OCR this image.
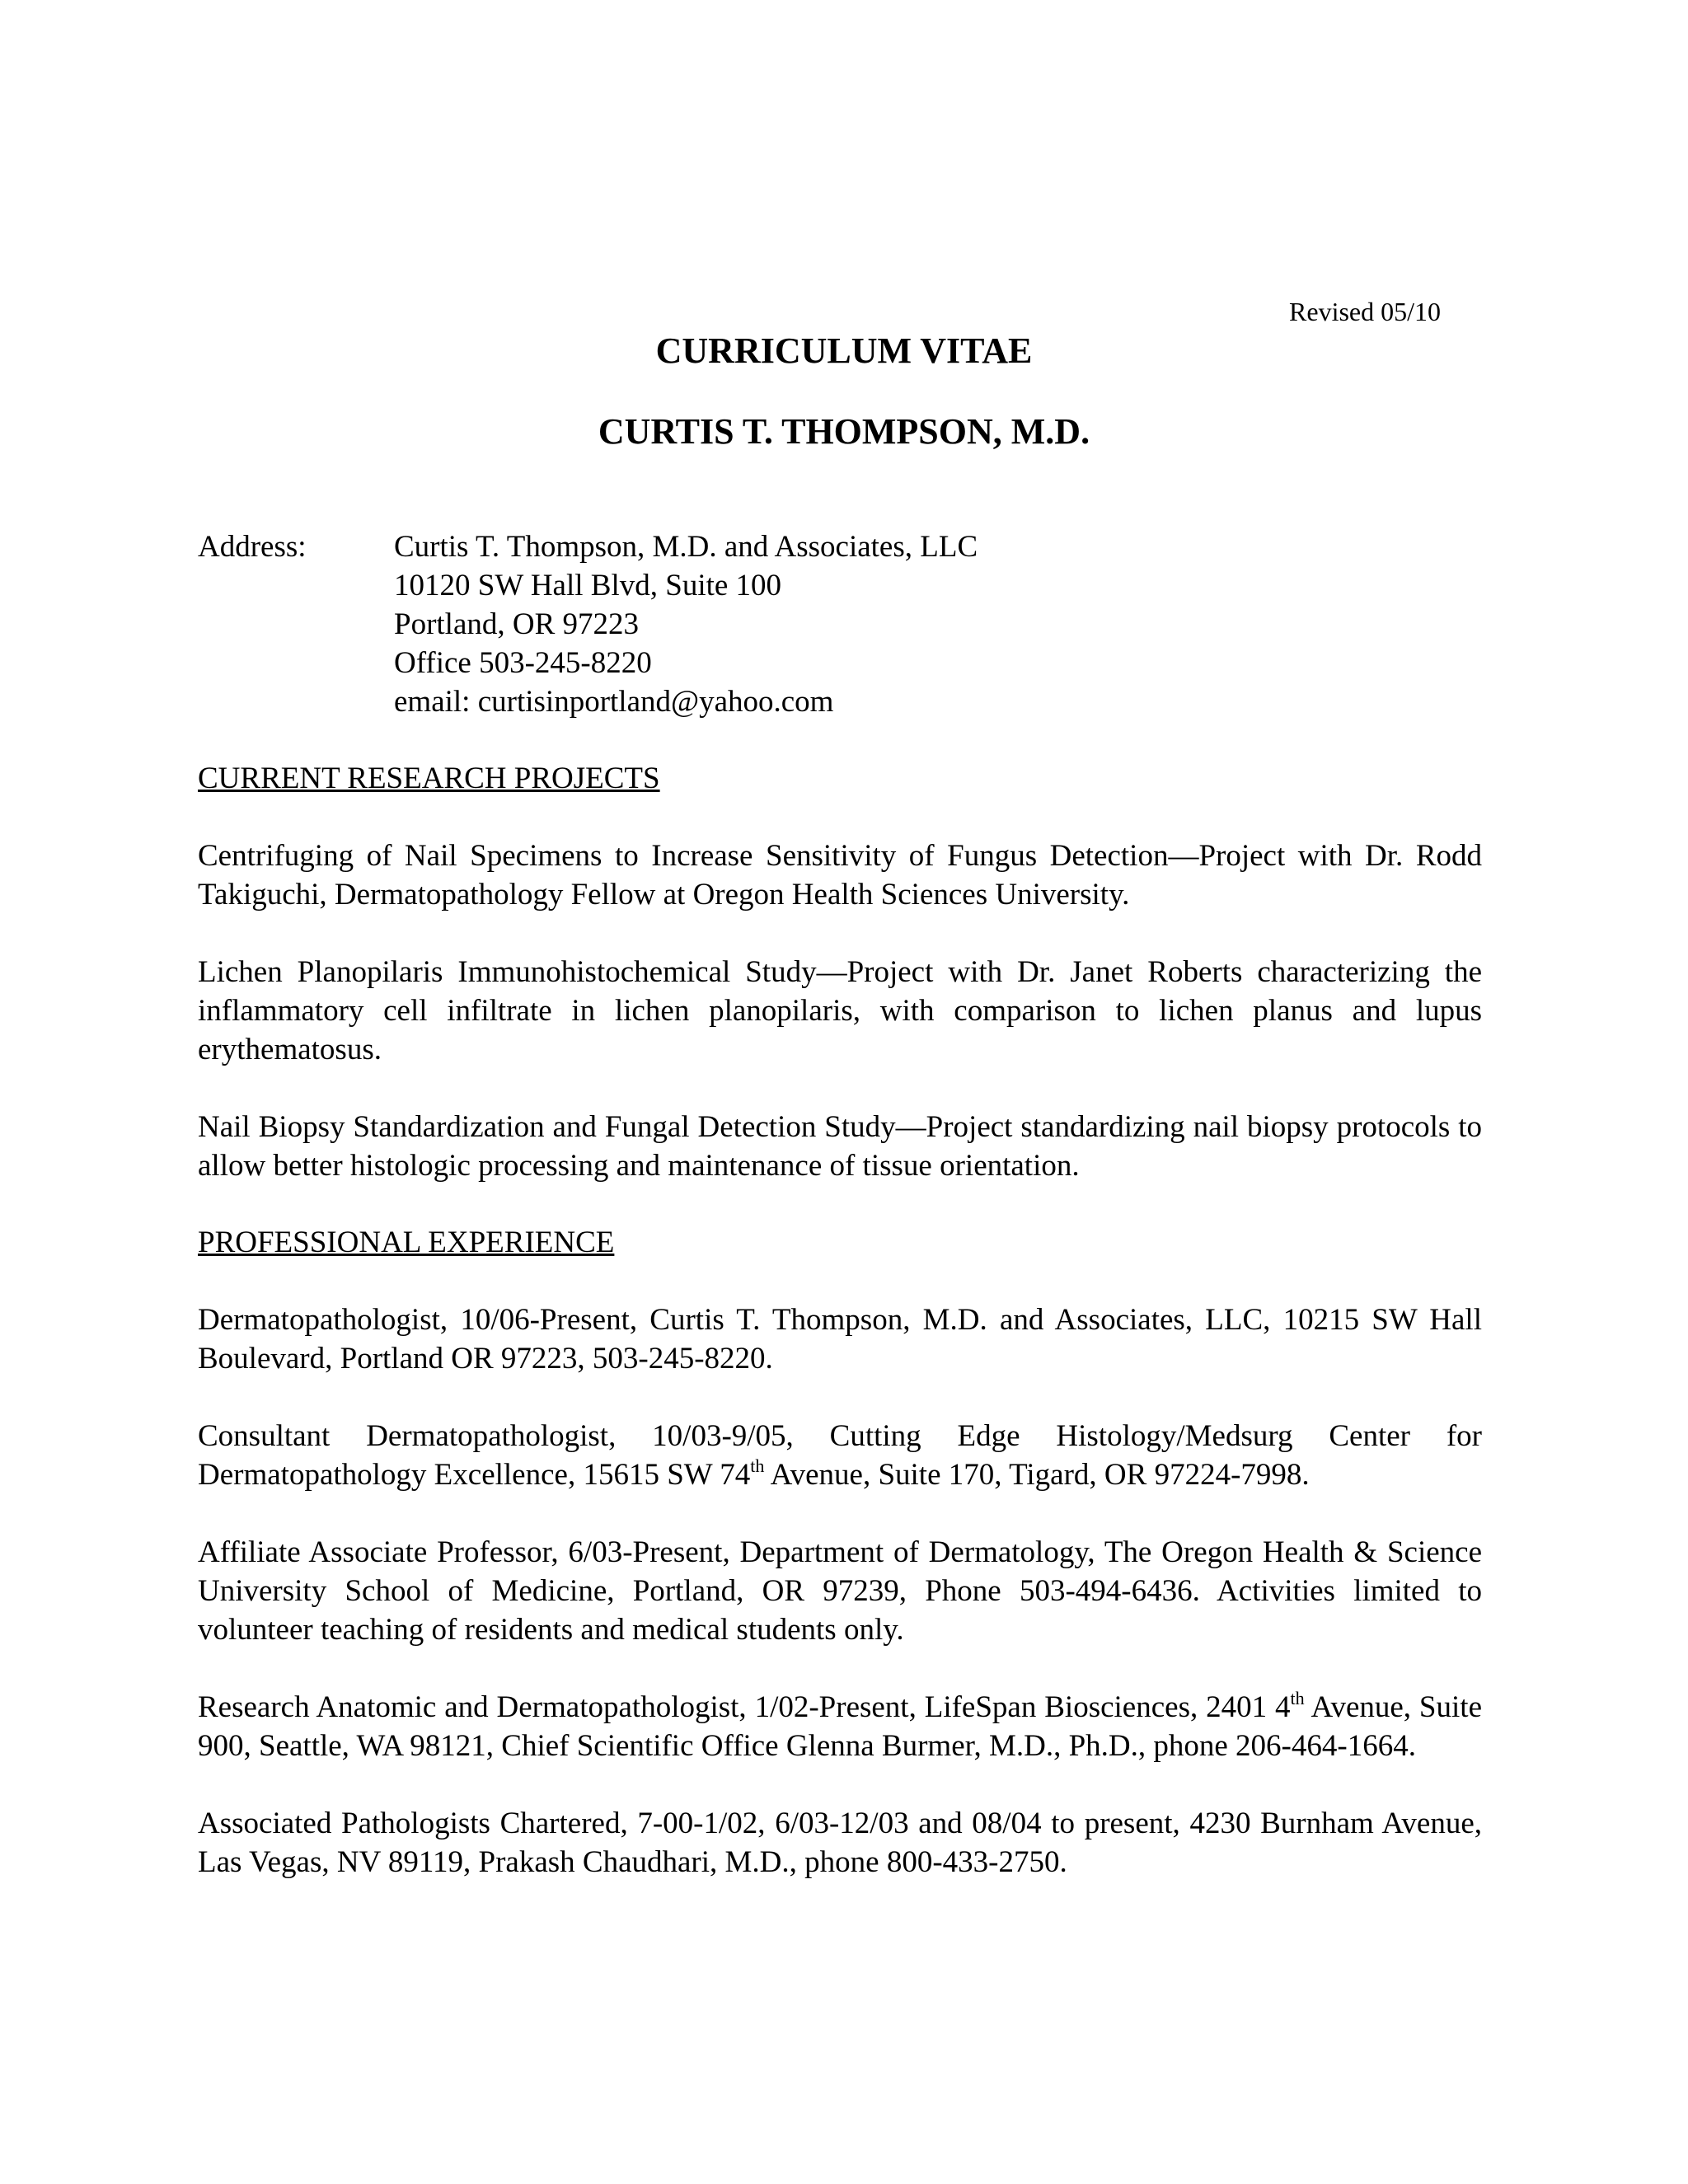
Revised 05/10
CURRICULUM VITAE
CURTIS T. THOMPSON, M.D.
Address:	Curtis T. Thompson, M.D. and Associates, LLC
10120 SW Hall Blvd, Suite 100
Portland, OR 97223
Office 503-245-8220
email: curtisinportland@yahoo.com
CURRENT RESEARCH PROJECTS
Centrifuging of Nail Specimens to Increase Sensitivity of Fungus Detection—Project with Dr. Rodd Takiguchi, Dermatopathology Fellow at Oregon Health Sciences University.
Lichen Planopilaris Immunohistochemical Study—Project with Dr. Janet Roberts characterizing the inflammatory cell infiltrate in lichen planopilaris, with comparison to lichen planus and lupus erythematosus.
Nail Biopsy Standardization and Fungal Detection Study—Project standardizing nail biopsy protocols to allow better histologic processing and maintenance of tissue orientation.
PROFESSIONAL EXPERIENCE
Dermatopathologist, 10/06-Present, Curtis T. Thompson, M.D. and Associates, LLC, 10215 SW Hall Boulevard, Portland OR 97223, 503-245-8220.
Consultant Dermatopathologist, 10/03-9/05, Cutting Edge Histology/Medsurg Center for Dermatopathology Excellence, 15615 SW 74th Avenue, Suite 170, Tigard, OR 97224-7998.
Affiliate Associate Professor, 6/03-Present, Department of Dermatology, The Oregon Health & Science University School of Medicine, Portland, OR 97239, Phone 503-494-6436. Activities limited to volunteer teaching of residents and medical students only.
Research Anatomic and Dermatopathologist, 1/02-Present, LifeSpan Biosciences, 2401 4th Avenue, Suite 900, Seattle, WA 98121, Chief Scientific Office Glenna Burmer, M.D., Ph.D., phone 206-464-1664.
Associated Pathologists Chartered, 7-00-1/02, 6/03-12/03 and 08/04 to present, 4230 Burnham Avenue, Las Vegas, NV 89119, Prakash Chaudhari, M.D., phone 800-433-2750.
